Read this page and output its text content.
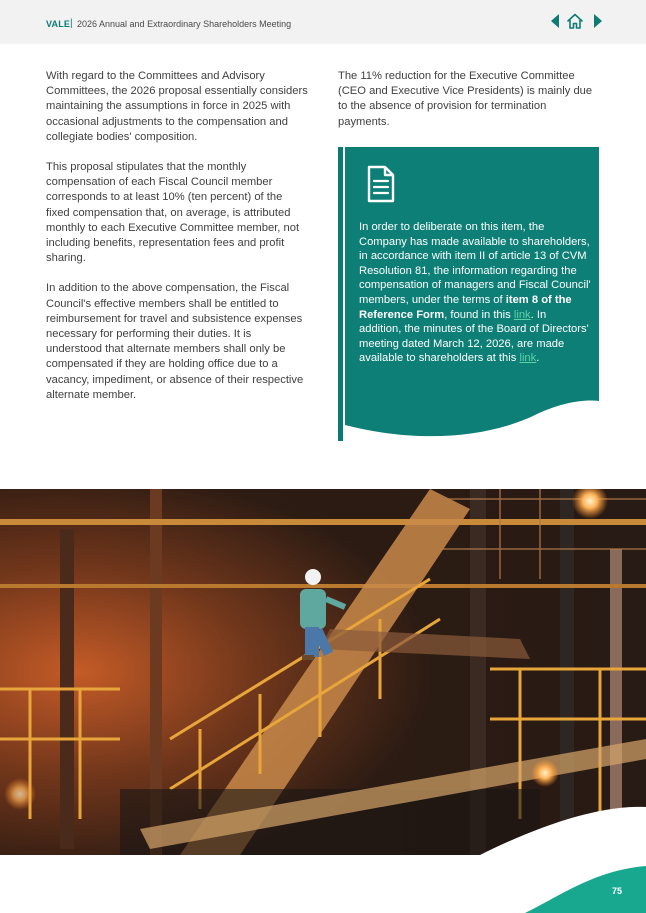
VALE | 2026 Annual and Extraordinary Shareholders Meeting

With regard to the Committees and Advisory Committees, the 2026 proposal essentially considers maintaining the assumptions in force in 2025 with occasional adjustments to the compensation and collegiate bodies' composition.

This proposal stipulates that the monthly compensation of each Fiscal Council member corresponds to at least 10% (ten percent) of the fixed compensation that, on average, is attributed monthly to each Executive Committee member, not including benefits, representation fees and profit sharing.

In addition to the above compensation, the Fiscal Council's effective members shall be entitled to reimbursement for travel and subsistence expenses necessary for performing their duties. It is understood that alternate members shall only be compensated if they are holding office due to a vacancy, impediment, or absence of their respective alternate member.

The 11% reduction for the Executive Committee (CEO and Executive Vice Presidents) is mainly due to the absence of provision for termination payments.

In order to deliberate on this item, the Company has made available to shareholders, in accordance with item II of article 13 of CVM Resolution 81, the information regarding the compensation of managers and Fiscal Council' members, under the terms of item 8 of the Reference Form, found in this link. In addition, the minutes of the Board of Directors' meeting dated March 12, 2026, are made available to shareholders at this link.
75
